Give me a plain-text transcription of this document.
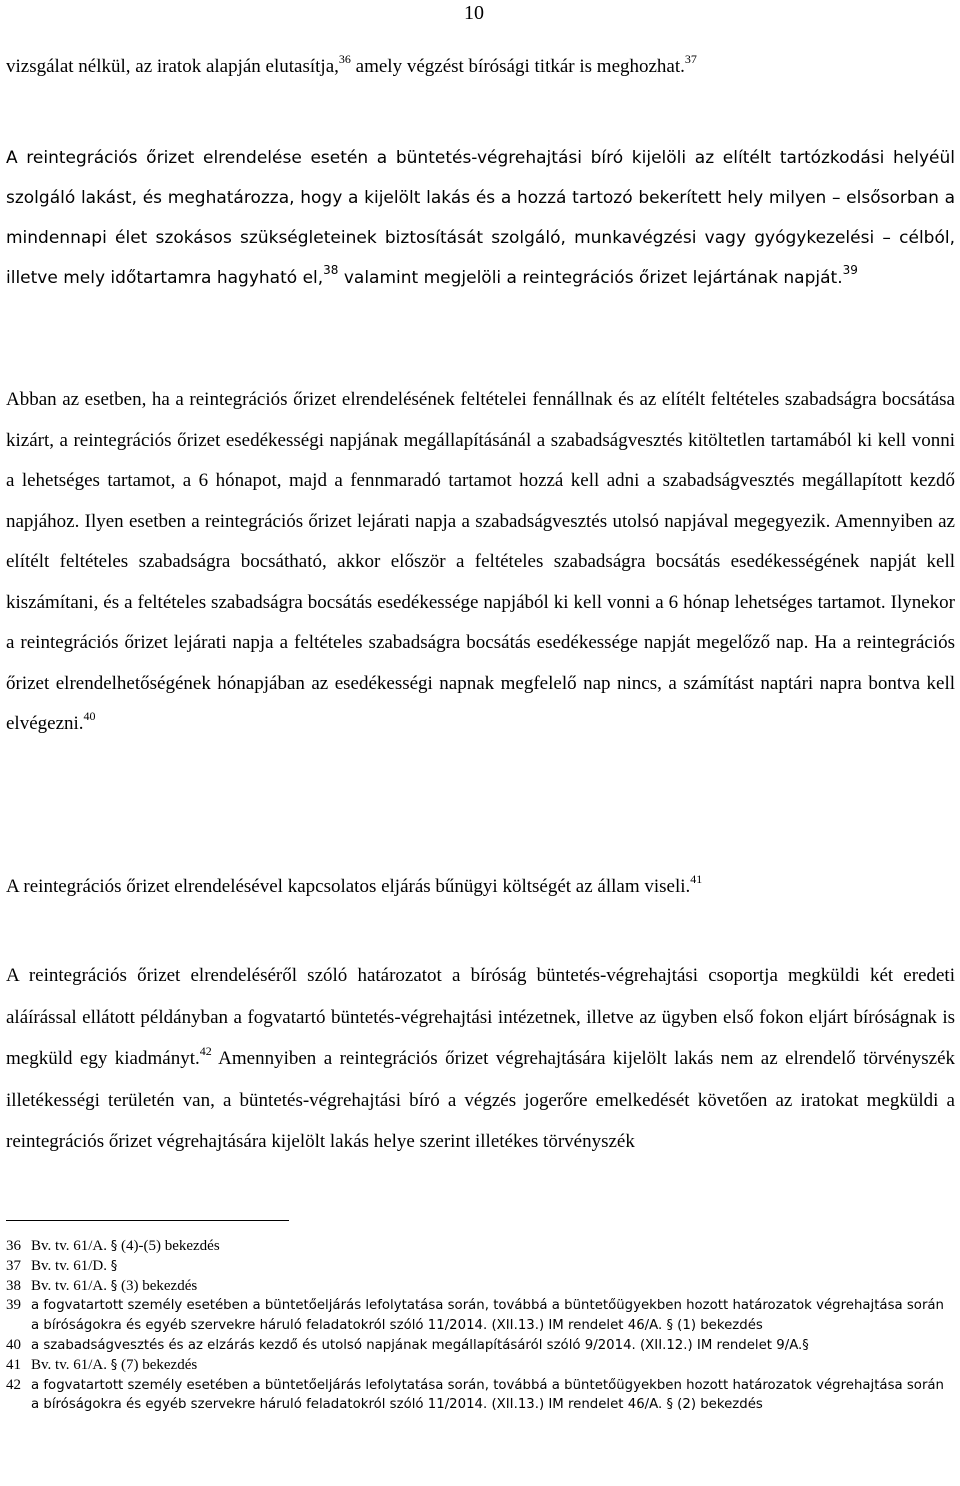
10

vizsgálat nélkül, az iratok alapján elutasítja,$^{36}$ amely végzést bírósági titkár is meghozhat.$^{37}$

A reintegrációs őrizet elrendelése esetén a büntetés-végrehajtási bíró kijelöli az elítélt tartózkodási helyéül szolgáló lakást, és meghatározza, hogy a kijelölt lakás és a hozzá tartozó bekerített hely milyen – elsősorban a mindennapi élet szokásos szükségleteinek biztosítását szolgáló, munkavégzési vagy gyógykezelési – célból, illetve mely időtartamra hagyható el,$^{38}$ valamint megjelöli a reintegrációs őrizet lejártának napját.$^{39}$

Abban az esetben, ha a reintegrációs őrizet elrendelésének feltételei fennállnak és az elítélt feltételes szabadságra bocsátása kizárt, a reintegrációs őrizet esedékességi napjának megállapításánál a szabadságvesztés kitöltetlen tartamából ki kell vonni a lehetséges tartamot, a 6 hónapot, majd a fennmaradó tartamot hozzá kell adni a szabadságvesztés megállapított kezdő napjához. Ilyen esetben a reintegrációs őrizet lejárati napja a szabadságvesztés utolsó napjával megegyezik. Amennyiben az elítélt feltételes szabadságra bocsátható, akkor először a feltételes szabadságra bocsátás esedékességének napját kell kiszámítani, és a feltételes szabadságra bocsátás esedékessége napjából ki kell vonni a 6 hónap lehetséges tartamot. Ilynekor a reintegrációs őrizet lejárati napja a feltételes szabadságra bocsátás esedékessége napját megelőző nap. Ha a reintegrációs őrizet elrendelhetőségének hónapjában az esedékességi napnak megfelelő nap nincs, a számítást naptári napra bontva kell elvégezni.$^{40}$

A reintegrációs őrizet elrendelésével kapcsolatos eljárás bűnügyi költségét az állam viseli.$^{41}$

A reintegrációs őrizet elrendeléséről szóló határozatot a bíróság büntetés-végrehajtási csoportja megküldi két eredeti aláírással ellátott példányban a fogvatartó büntetés-végrehajtási intézetnek, illetve az ügyben első fokon eljárt bíróságnak is megküld egy kiadmányt.$^{42}$ Amennyiben a reintegrációs őrizet végrehajtására kijelölt lakás nem az elrendelő törvényszék illetékességi területén van, a büntetés-végrehajtási bíró a végzés jogerőre emelkedését követően az iratokat megküldi a reintegrációs őrizet végrehajtására kijelölt lakás helye szerint illetékes törvényszék

36 Bv. tv. 61/A. § (4)-(5) bekezdés
37 Bv. tv. 61/D. §
38 Bv. tv. 61/A. § (3) bekezdés
39 a fogvatartott személy esetében a büntetőeljárás lefolytatása során, továbbá a büntetőügyekben hozott határozatok végrehajtása során a bíróságokra és egyéb szervekre háruló feladatokról szóló 11/2014. (XII.13.) IM rendelet 46/A. § (1) bekezdés
40 a szabadságvesztés és az elzárás kezdő és utolsó napjának megállapításáról szóló 9/2014. (XII.12.) IM rendelet 9/A.§
41 Bv. tv. 61/A. § (7) bekezdés
42 a fogvatartott személy esetében a büntetőeljárás lefolytatása során, továbbá a büntetőügyekben hozott határozatok végrehajtása során a bíróságokra és egyéb szervekre háruló feladatokról szóló 11/2014. (XII.13.) IM rendelet 46/A. § (2) bekezdés
